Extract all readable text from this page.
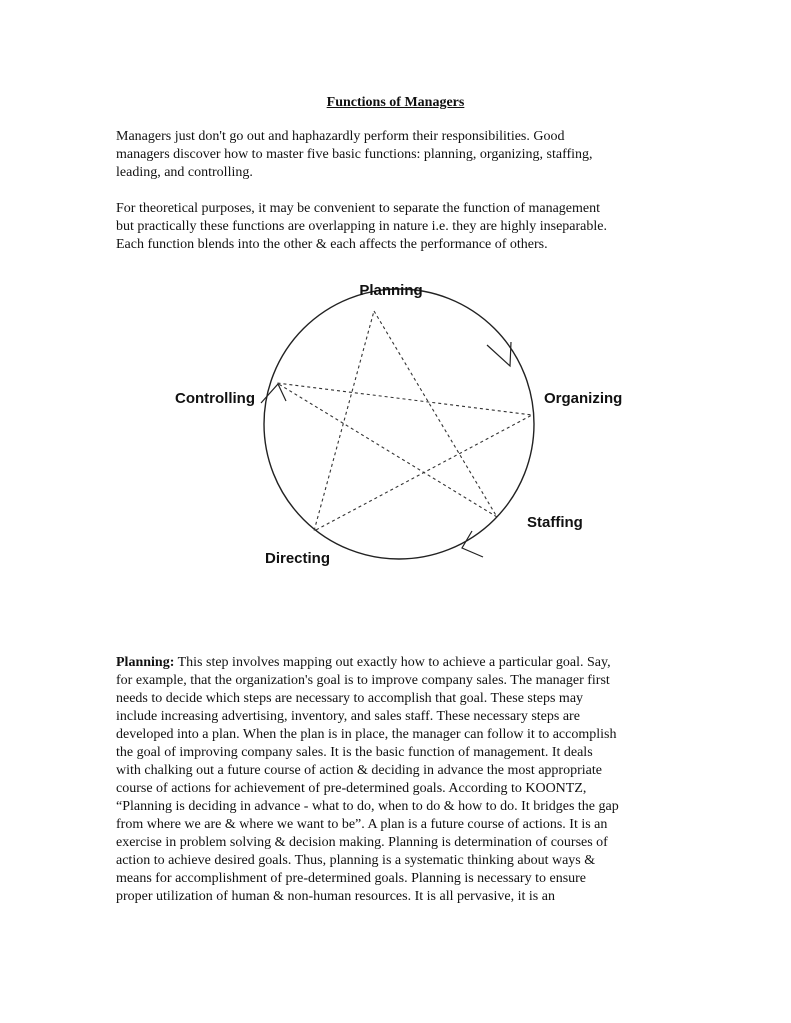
Functions of Managers

Managers just don't go out and haphazardly perform their responsibilities. Good
managers discover how to master five basic functions: planning, organizing, staffing,
leading, and controlling.

For theoretical purposes, it may be convenient to separate the function of management
but practically these functions are overlapping in nature i.e. they are highly inseparable.
Each function blends into the other & each affects the performance of others.

Planning
Organizing
Staffing
Directing
Controlling

Planning: This step involves mapping out exactly how to achieve a particular goal. Say,
for example, that the organization's goal is to improve company sales. The manager first
needs to decide which steps are necessary to accomplish that goal. These steps may
include increasing advertising, inventory, and sales staff. These necessary steps are
developed into a plan. When the plan is in place, the manager can follow it to accomplish
the goal of improving company sales. It is the basic function of management. It deals
with chalking out a future course of action & deciding in advance the most appropriate
course of actions for achievement of pre-determined goals. According to KOONTZ,
“Planning is deciding in advance - what to do, when to do & how to do. It bridges the gap
from where we are & where we want to be”. A plan is a future course of actions. It is an
exercise in problem solving & decision making. Planning is determination of courses of
action to achieve desired goals. Thus, planning is a systematic thinking about ways &
means for accomplishment of pre-determined goals. Planning is necessary to ensure
proper utilization of human & non-human resources. It is all pervasive, it is an
